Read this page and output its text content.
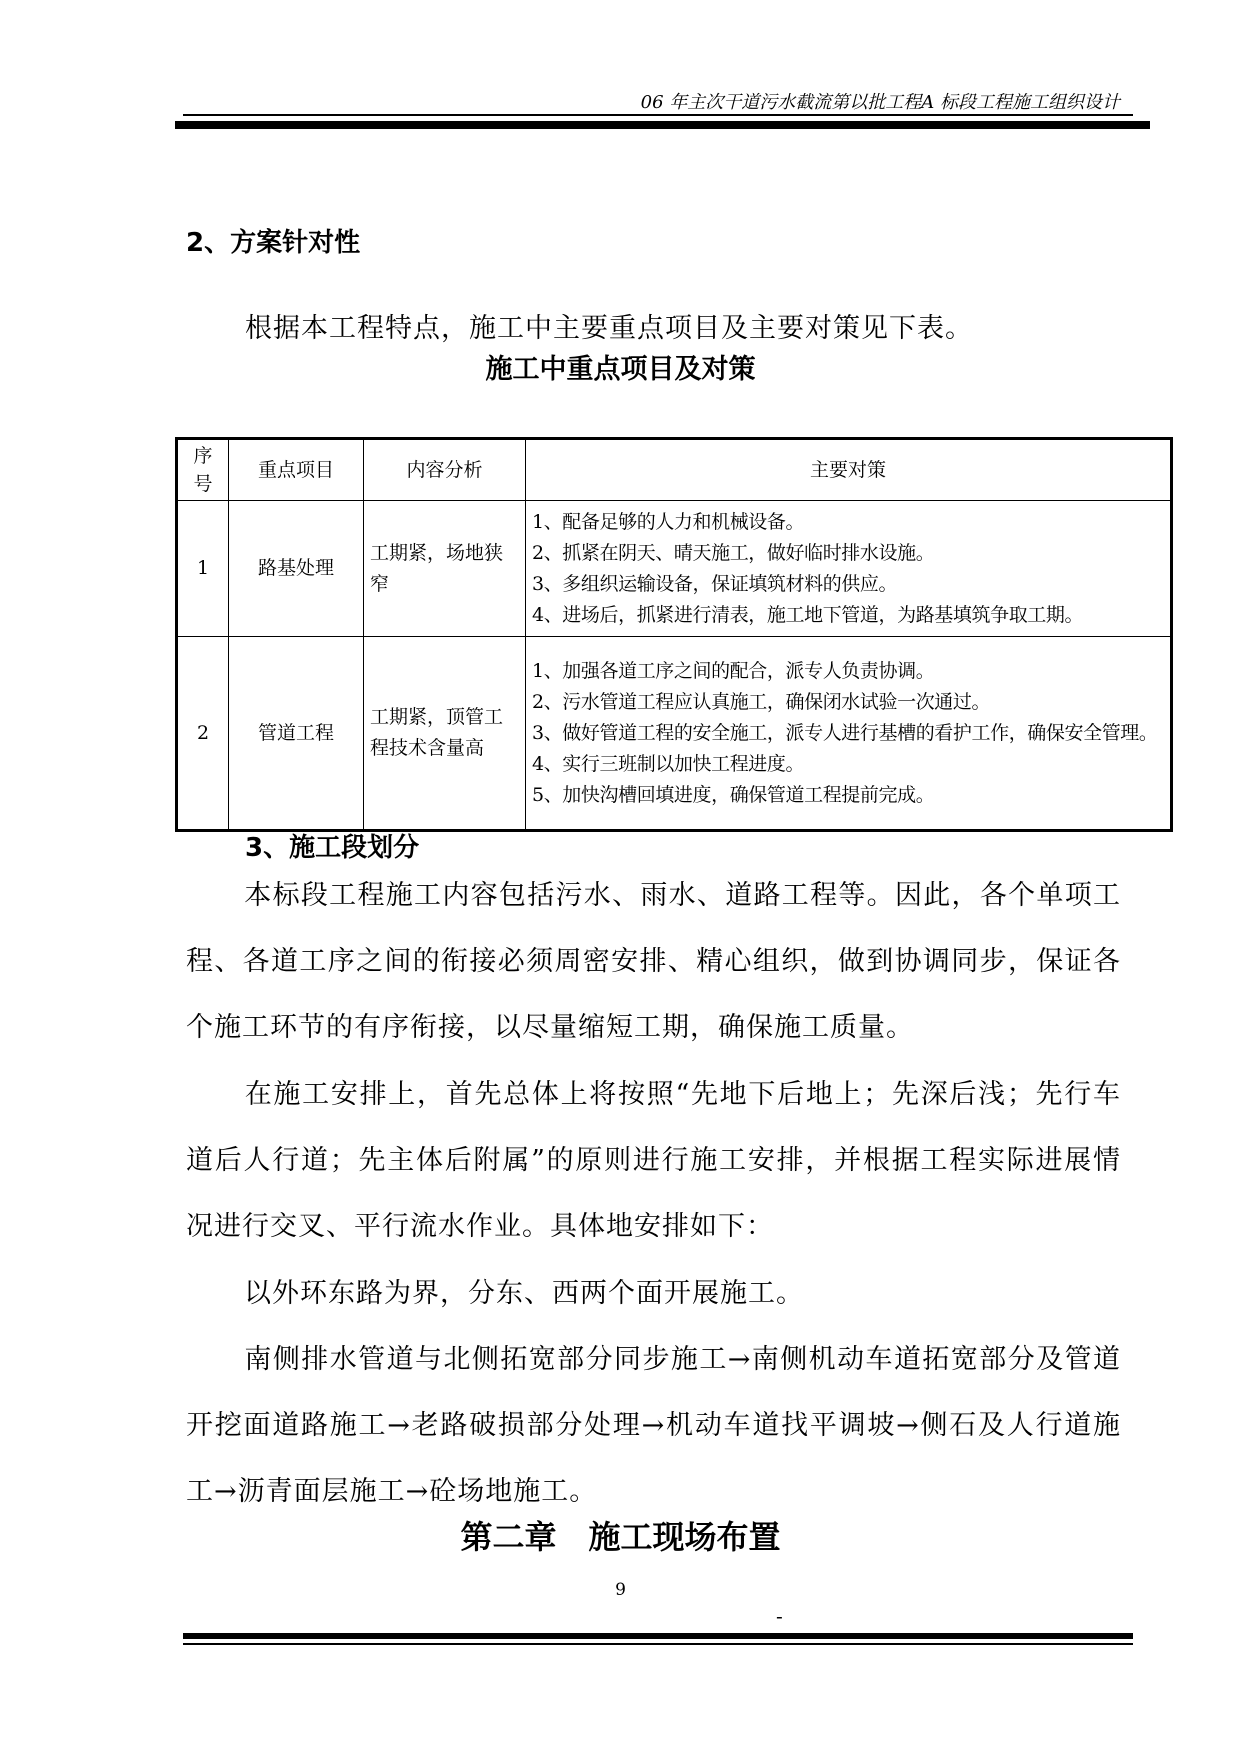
06 年主次干道污水截流第以批工程A 标段工程施工组织设计
2、方案针对性
根据本工程特点，施工中主要重点项目及主要对策见下表。
施工中重点项目及对策
序号	重点项目	内容分析	主要对策
1	路基处理	工期紧，场地狭窄	1、配备足够的人力和机械设备。
2、抓紧在阴天、晴天施工，做好临时排水设施。
3、多组织运输设备，保证填筑材料的供应。
4、进场后，抓紧进行清表，施工地下管道，为路基填筑争取工期。

2	管道工程	工期紧，顶管工程技术含量高	1、加强各道工序之间的配合，派专人负责协调。
2、污水管道工程应认真施工，确保闭水试验一次通过。
3、做好管道工程的安全施工，派专人进行基槽的看护工作，确保安全管理。
4、实行三班制以加快工程进度。
5、加快沟槽回填进度，确保管道工程提前完成。
3、施工段划分
本标段工程施工内容包括污水、雨水、道路工程等。因此，各个单项工程、各道工序之间的衔接必须周密安排、精心组织，做到协调同步，保证各个施工环节的有序衔接，以尽量缩短工期，确保施工质量。
在施工安排上，首先总体上将按照“先地下后地上；先深后浅；先行车道后人行道；先主体后附属”的原则进行施工安排，并根据工程实际进展情况进行交叉、平行流水作业。具体地安排如下：
以外环东路为界，分东、西两个面开展施工。
南侧排水管道与北侧拓宽部分同步施工→南侧机动车道拓宽部分及管道开挖面道路施工→老路破损部分处理→机动车道找平调坡→侧石及人行道施工→沥青面层施工→砼场地施工。
第二章　施工现场布置
9
-
